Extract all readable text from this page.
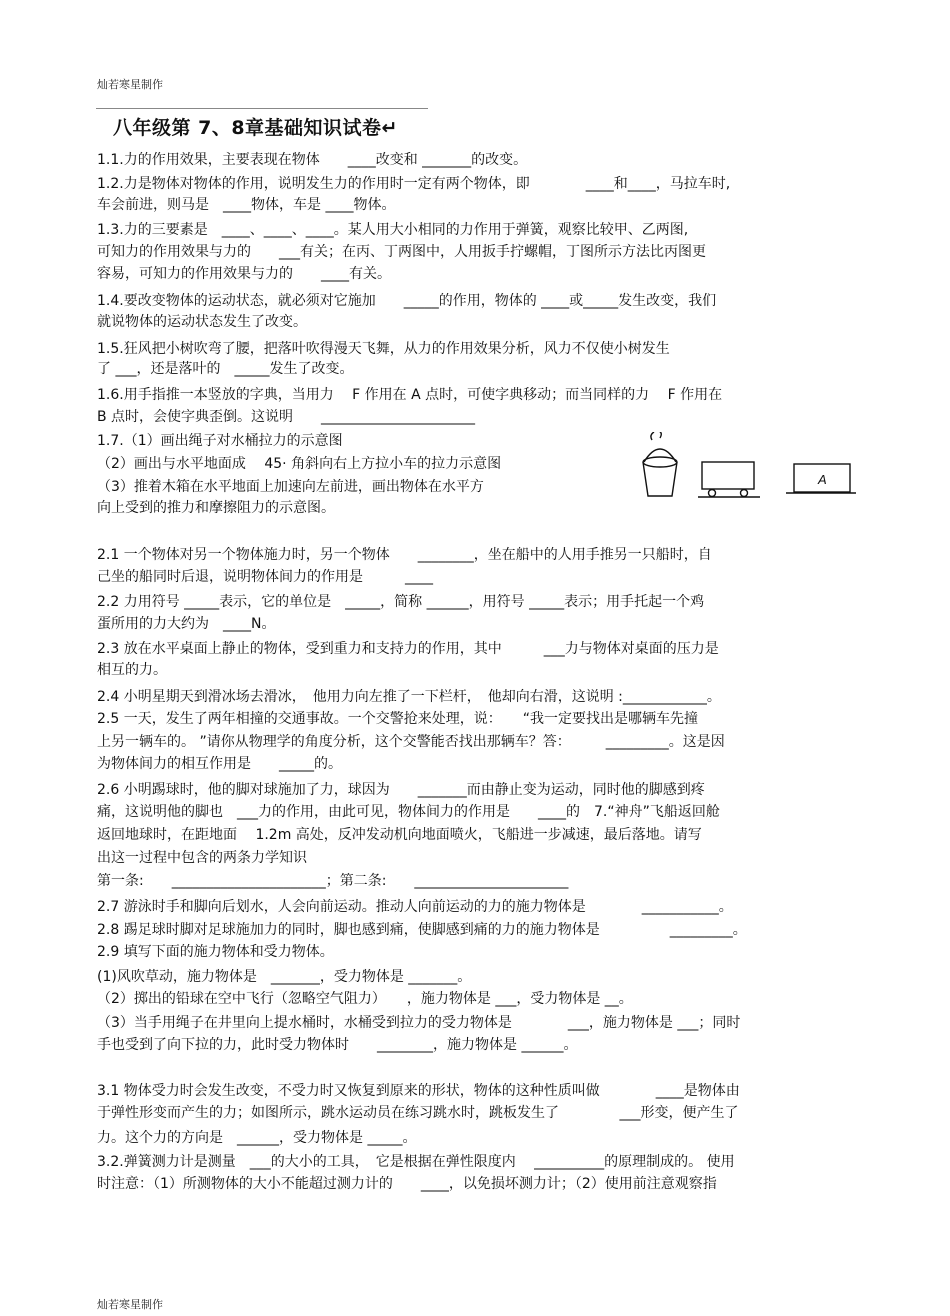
灿若寒星制作
八年级第 7、8章基础知识试卷↵
1.1.力的作用效果，主要表现在物体　　____改变和 _______的改变。
1.2.力是物体对物体的作用，说明发生力的作用时一定有两个物体，即　　　　____和____，马拉车时,
车会前进，则马是　____物体，车是 ____物体。
1.3.力的三要素是　____、____、____。某人用大小相同的力作用于弹簧，观察比较甲、乙两图,
可知力的作用效果与力的　　___有关；在丙、丁两图中，人用扳手拧螺帽，丁图所示方法比丙图更
容易，可知力的作用效果与力的　　____有关。
1.4.要改变物体的运动状态，就必须对它施加　　_____的作用，物体的 ____或_____发生改变，我们
就说物体的运动状态发生了改变。
1.5.狂风把小树吹弯了腰，把落叶吹得漫天飞舞，从力的作用效果分析，风力不仅使小树发生
了 ___，还是落叶的　_____发生了改变。
1.6.用手指推一本竖放的字典，当用力　 F 作用在 A 点时，可使字典移动；而当同样的力　 F 作用在
B 点时，会使字典歪倒。这说明　　______________________
1.7.（1）画出绳子对水桶拉力的示意图
（2）画出与水平地面成　 45· 角斜向右上方拉小车的拉力示意图
（3）推着木箱在水平地面上加速向左前进，画出物体在水平方
向上受到的推力和摩擦阻力的示意图。
A
2.1 一个物体对另一个物体施力时，另一个物体　　________，坐在船中的人用手推另一只船时，自
己坐的船同时后退，说明物体间力的作用是　　　____
2.2 力用符号 _____表示，它的单位是　_____，简称 ______，用符号 _____表示；用手托起一个鸡
蛋所用的力大约为　____N。
2.3 放在水平桌面上静止的物体，受到重力和支持力的作用，其中　　　___力与物体对桌面的压力是
相互的力。
2.4 小明星期天到滑冰场去滑冰，　他用力向左推了一下栏杆，　他却向右滑，这说明 :____________。
2.5 一天，发生了两年相撞的交通事故。一个交警抢来处理，说：　　“我一定要找出是哪辆车先撞
上另一辆车的。 ”请你从物理学的角度分析，这个交警能否找出那辆车？答：　　　_________。这是因
为物体间力的相互作用是　　_____的。
2.6 小明踢球时，他的脚对球施加了力，球因为　　_______而由静止变为运动，同时他的脚感到疼
痛，这说明他的脚也　___力的作用，由此可见，物体间力的作用是　　____的　7.“神舟”飞船返回舱
返回地球时，在距地面　 1.2m 高处，反冲发动机向地面喷火，飞船进一步减速，最后落地。请写
出这一过程中包含的两条力学知识
第一条:　　______________________；第二条:　　______________________
2.7 游泳时手和脚向后划水，人会向前运动。推动人向前运动的力的施力物体是　　　　___________。
2.8 踢足球时脚对足球施加力的同时，脚也感到痛，使脚感到痛的力的施力物体是　　　　　_________。
2.9 填写下面的施力物体和受力物体。
(1)风吹草动，施力物体是　_______，受力物体是 _______。
（2）掷出的铅球在空中飞行（忽略空气阻力）　　，施力物体是 ___，受力物体是 __。
（3）当手用绳子在井里向上提水桶时，水桶受到拉力的受力物体是　　　　___，施力物体是 ___；同时
手也受到了向下拉的力，此时受力物体时　　________，施力物体是 ______。
3.1 物体受力时会发生改变，不受力时又恢复到原来的形状，物体的这种性质叫做　　　　____是物体由
于弹性形变而产生的力；如图所示，跳水运动员在练习跳水时，跳板发生了　　　　 ___形变，便产生了
力。这个力的方向是　______，受力物体是 _____。
3.2.弹簧测力计是测量　___的大小的工具，　它是根据在弹性限度内　 __________的原理制成的。 使用
时注意：（1）所测物体的大小不能超过测力计的　　____，以免损坏测力计；（2）使用前注意观察指
灿若寒星制作
